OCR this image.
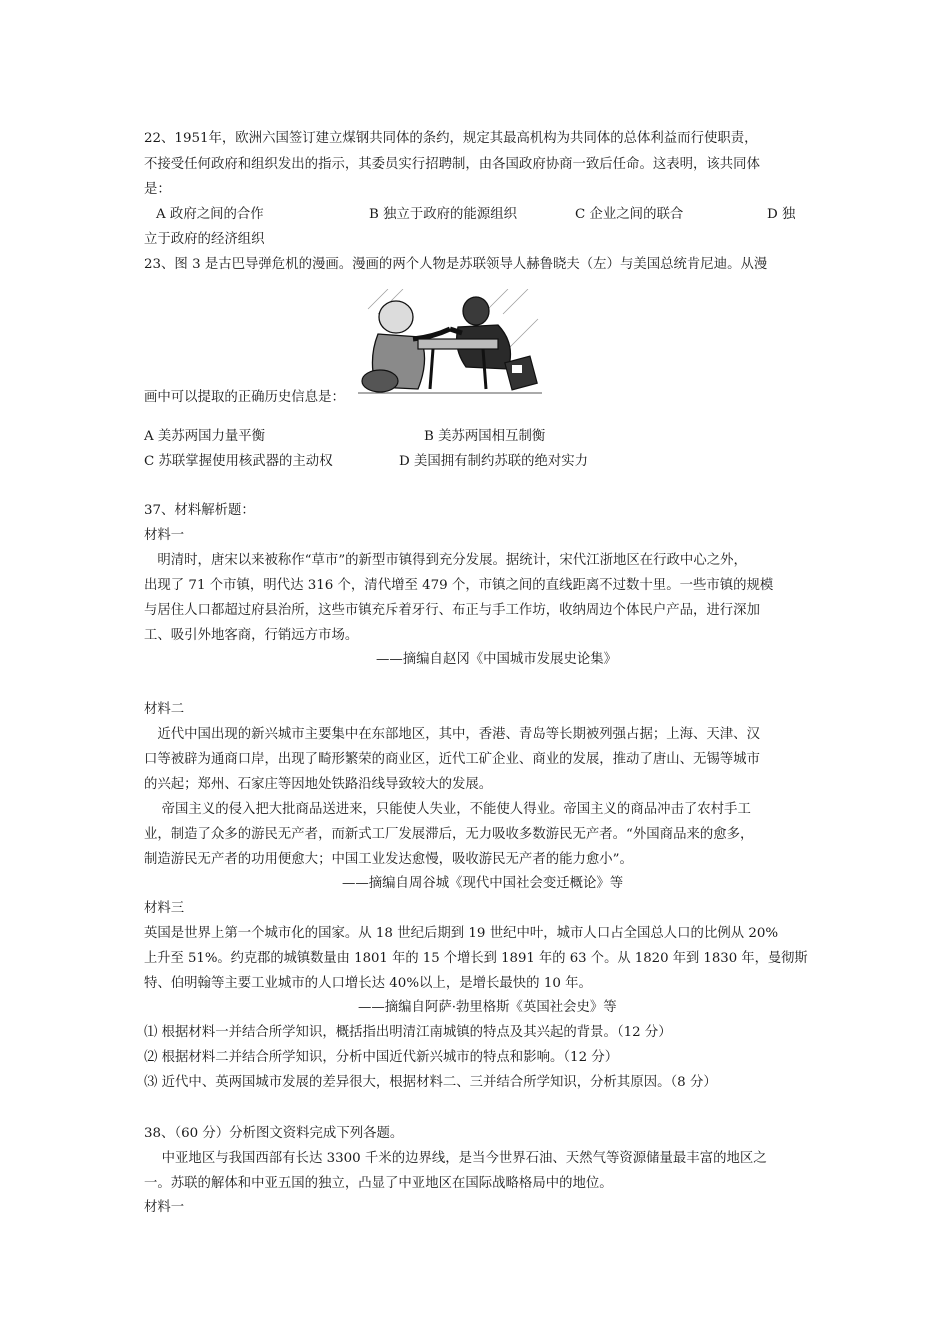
22、1951年，欧洲六国签订建立煤钢共同体的条约，规定其最高机构为共同体的总体利益而行使职责，
不接受任何政府和组织发出的指示，其委员实行招聘制，由各国政府协商一致后任命。这表明，该共同体
是：
A 政府之间的合作	B 独立于政府的能源组织	C 企业之间的联合	D 独
立于政府的经济组织
23、图 3 是古巴导弹危机的漫画。漫画的两个人物是苏联领导人赫鲁晓夫（左）与美国总统肯尼迪。从漫
画中可以提取的正确历史信息是：
A 美苏两国力量平衡	B 美苏两国相互制衡
C 苏联掌握使用核武器的主动权	D 美国拥有制约苏联的绝对实力
37、材料解析题：
材料一
　明清时，唐宋以来被称作“草市”的新型市镇得到充分发展。据统计，宋代江浙地区在行政中心之外，
出现了 71 个市镇，明代达 316 个，清代增至 479 个，市镇之间的直线距离不过数十里。一些市镇的规模
与居住人口都超过府县治所，这些市镇充斥着牙行、布正与手工作坊，收纳周边个体民户产品，进行深加
工、吸引外地客商，行销远方市场。
——摘编自赵冈《中国城市发展史论集》
材料二
　近代中国出现的新兴城市主要集中在东部地区，其中，香港、青岛等长期被列强占据；上海、天津、汉
口等被辟为通商口岸，出现了畸形繁荣的商业区，近代工矿企业、商业的发展，推动了唐山、无锡等城市
的兴起；郑州、石家庄等因地处铁路沿线导致较大的发展。
　 帝国主义的侵入把大批商品送进来，只能使人失业，不能使人得业。帝国主义的商品冲击了农村手工
业，制造了众多的游民无产者，而新式工厂发展滞后，无力吸收多数游民无产者。“外国商品来的愈多，
制造游民无产者的功用便愈大；中国工业发达愈慢，吸收游民无产者的能力愈小”。
——摘编自周谷城《现代中国社会变迁概论》等
材料三
英国是世界上第一个城市化的国家。从 18 世纪后期到 19 世纪中叶，城市人口占全国总人口的比例从 20%
上升至 51%。约克郡的城镇数量由 1801 年的 15 个增长到 1891 年的 63 个。从 1820 年到 1830 年，曼彻斯
特、伯明翰等主要工业城市的人口增长达 40%以上，是增长最快的 10 年。
——摘编自阿萨·勃里格斯《英国社会史》等
⑴ 根据材料一并结合所学知识，概括指出明清江南城镇的特点及其兴起的背景。（12 分）
⑵ 根据材料二并结合所学知识，分析中国近代新兴城市的特点和影响。（12 分）
⑶ 近代中、英两国城市发展的差异很大，根据材料二、三并结合所学知识，分析其原因。（8 分）
38、（60 分）分析图文资料完成下列各题。
　 中亚地区与我国西部有长达 3300 千米的边界线，是当今世界石油、天然气等资源储量最丰富的地区之
一。苏联的解体和中亚五国的独立，凸显了中亚地区在国际战略格局中的地位。
材料一
